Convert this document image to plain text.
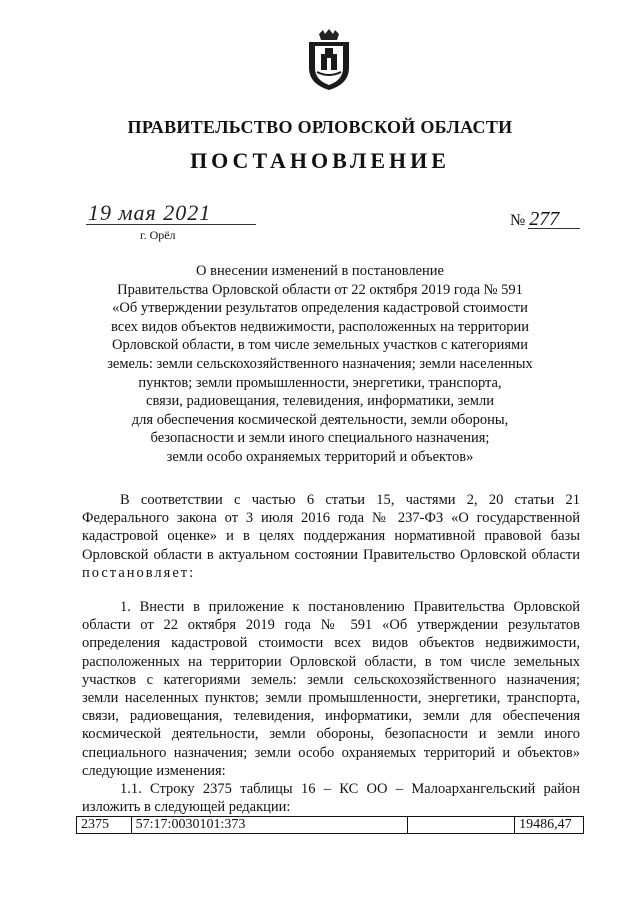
ПРАВИТЕЛЬСТВО ОРЛОВСКОЙ ОБЛАСТИ
ПОСТАНОВЛЕНИЕ
19 мая 2021
г. Орёл
№ 277
О внесении изменений в постановление
Правительства Орловской области от 22 октября 2019 года № 591
«Об утверждении результатов определения кадастровой стоимости
всех видов объектов недвижимости, расположенных на территории
Орловской области, в том числе земельных участков с категориями
земель: земли сельскохозяйственного назначения; земли населенных
пунктов; земли промышленности, энергетики, транспорта,
связи, радиовещания, телевидения, информатики, земли
для обеспечения космической деятельности, земли обороны,
безопасности и земли иного специального назначения;
земли особо охраняемых территорий и объектов»
В соответствии с частью 6 статьи 15, частями 2, 20 статьи 21
Федерального закона от 3 июля 2016 года № 237-ФЗ «О государственной
кадастровой оценке» и в целях поддержания нормативной правовой базы
Орловской области в актуальном состоянии Правительство Орловской области
постановляет:
1. Внести в приложение к постановлению Правительства Орловской
области от 22 октября 2019 года № 591 «Об утверждении результатов
определения кадастровой стоимости всех видов объектов недвижимости,
расположенных на территории Орловской области, в том числе земельных
участков с категориями земель: земли сельскохозяйственного назначения;
земли населенных пунктов; земли промышленности, энергетики, транспорта,
связи, радиовещания, телевидения, информатики, земли для обеспечения
космической деятельности, земли обороны, безопасности и земли иного
специального назначения; земли особо охраняемых территорий и объектов»
следующие изменения:
1.1. Строку 2375 таблицы 16 – КС ОО – Малоархангельский район
изложить в следующей редакции:
2375	57:17:0030101:373		19486,47
